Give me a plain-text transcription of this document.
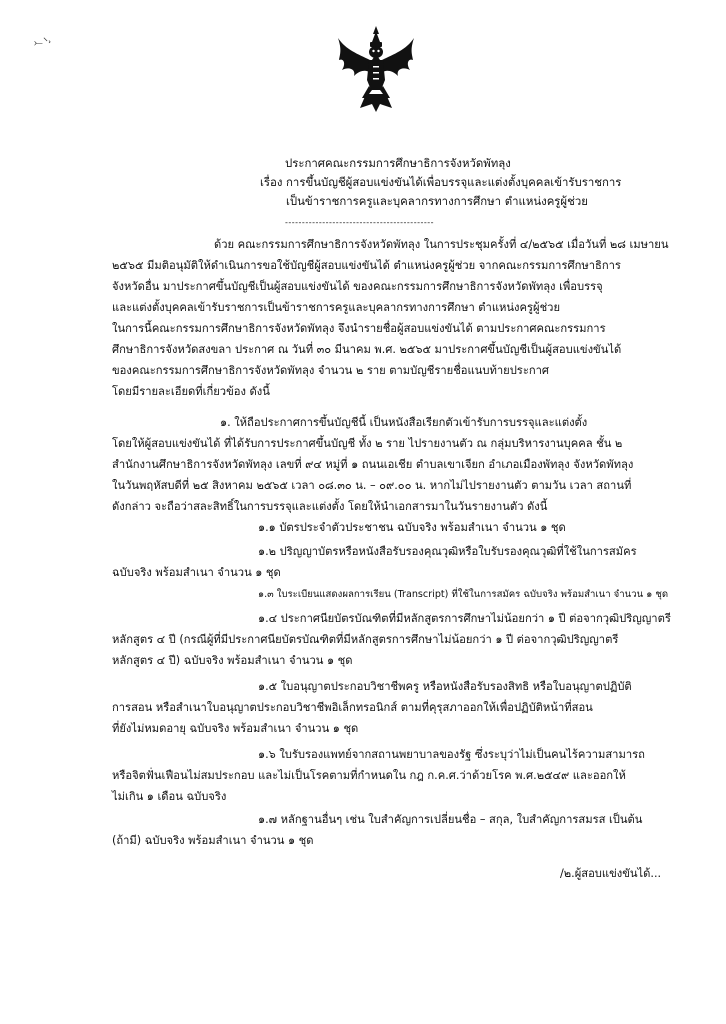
⤚⸌˒
ประกาศคณะกรรมการศึกษาธิการจังหวัดพัทลุง
เรื่อง การขึ้นบัญชีผู้สอบแข่งขันได้เพื่อบรรจุและแต่งตั้งบุคคลเข้ารับราชการ
เป็นข้าราชการครูและบุคลากรทางการศึกษา ตำแหน่งครูผู้ช่วย
--------------------------------------------
ด้วย คณะกรรมการศึกษาธิการจังหวัดพัทลุง ในการประชุมครั้งที่ ๔/๒๕๖๕ เมื่อวันที่ ๒๘ เมษายน
๒๕๖๕ มีมติอนุมัติให้ดำเนินการขอใช้บัญชีผู้สอบแข่งขันได้ ตำแหน่งครูผู้ช่วย จากคณะกรรมการศึกษาธิการ
จังหวัดอื่น มาประกาศขึ้นบัญชีเป็นผู้สอบแข่งขันได้ ของคณะกรรมการศึกษาธิการจังหวัดพัทลุง เพื่อบรรจุ
และแต่งตั้งบุคคลเข้ารับราชการเป็นข้าราชการครูและบุคลากรทางการศึกษา ตำแหน่งครูผู้ช่วย
ในการนี้คณะกรรมการศึกษาธิการจังหวัดพัทลุง จึงนำรายชื่อผู้สอบแข่งขันได้ ตามประกาศคณะกรรมการ
ศึกษาธิการจังหวัดสงขลา ประกาศ ณ วันที่ ๓๐ มีนาคม พ.ศ. ๒๕๖๕ มาประกาศขึ้นบัญชีเป็นผู้สอบแข่งขันได้
ของคณะกรรมการศึกษาธิการจังหวัดพัทลุง จำนวน ๒ ราย ตามบัญชีรายชื่อแนบท้ายประกาศ
โดยมีรายละเอียดที่เกี่ยวข้อง ดังนี้
๑. ให้ถือประกาศการขึ้นบัญชีนี้ เป็นหนังสือเรียกตัวเข้ารับการบรรจุและแต่งตั้ง
โดยให้ผู้สอบแข่งขันได้ ที่ได้รับการประกาศขึ้นบัญชี ทั้ง ๒ ราย ไปรายงานตัว ณ กลุ่มบริหารงานบุคคล ชั้น ๒
สำนักงานศึกษาธิการจังหวัดพัทลุง เลขที่ ๙๔ หมู่ที่ ๑ ถนนเอเชีย ตำบลเขาเจียก อำเภอเมืองพัทลุง จังหวัดพัทลุง
ในวันพฤหัสบดีที่ ๒๕ สิงหาคม ๒๕๖๕ เวลา ๐๘.๓๐ น. – ๐๙.๐๐ น. หากไม่ไปรายงานตัว ตามวัน เวลา สถานที่
ดังกล่าว จะถือว่าสละสิทธิ์ในการบรรจุและแต่งตั้ง โดยให้นำเอกสารมาในวันรายงานตัว ดังนี้
๑.๑ บัตรประจำตัวประชาชน ฉบับจริง พร้อมสำเนา จำนวน ๑ ชุด
๑.๒ ปริญญาบัตรหรือหนังสือรับรองคุณวุฒิหรือใบรับรองคุณวุฒิที่ใช้ในการสมัคร
ฉบับจริง พร้อมสำเนา จำนวน ๑ ชุด
๑.๓ ใบระเบียนแสดงผลการเรียน (Transcript) ที่ใช้ในการสมัคร ฉบับจริง พร้อมสำเนา จำนวน ๑ ชุด
๑.๔ ประกาศนียบัตรบัณฑิตที่มีหลักสูตรการศึกษาไม่น้อยกว่า ๑ ปี ต่อจากวุฒิปริญญาตรี
หลักสูตร ๔ ปี (กรณีผู้ที่มีประกาศนียบัตรบัณฑิตที่มีหลักสูตรการศึกษาไม่น้อยกว่า ๑ ปี ต่อจากวุฒิปริญญาตรี
หลักสูตร ๔ ปี) ฉบับจริง พร้อมสำเนา จำนวน ๑ ชุด
๑.๕ ใบอนุญาตประกอบวิชาชีพครู หรือหนังสือรับรองสิทธิ หรือใบอนุญาตปฏิบัติ
การสอน หรือสำเนาใบอนุญาตประกอบวิชาชีพอิเล็กทรอนิกส์ ตามที่คุรุสภาออกให้เพื่อปฏิบัติหน้าที่สอน
ที่ยังไม่หมดอายุ ฉบับจริง พร้อมสำเนา จำนวน ๑ ชุด
๑.๖ ใบรับรองแพทย์จากสถานพยาบาลของรัฐ ซึ่งระบุว่าไม่เป็นคนไร้ความสามารถ
หรือจิตฟั่นเฟือนไม่สมประกอบ และไม่เป็นโรคตามที่กำหนดใน กฎ ก.ค.ศ.ว่าด้วยโรค พ.ศ.๒๕๔๙ และออกให้
ไม่เกิน ๑ เดือน ฉบับจริง
๑.๗ หลักฐานอื่นๆ เช่น ใบสำคัญการเปลี่ยนชื่อ – สกุล, ใบสำคัญการสมรส เป็นต้น
(ถ้ามี) ฉบับจริง พร้อมสำเนา จำนวน ๑ ชุด
/๒.ผู้สอบแข่งขันได้...
